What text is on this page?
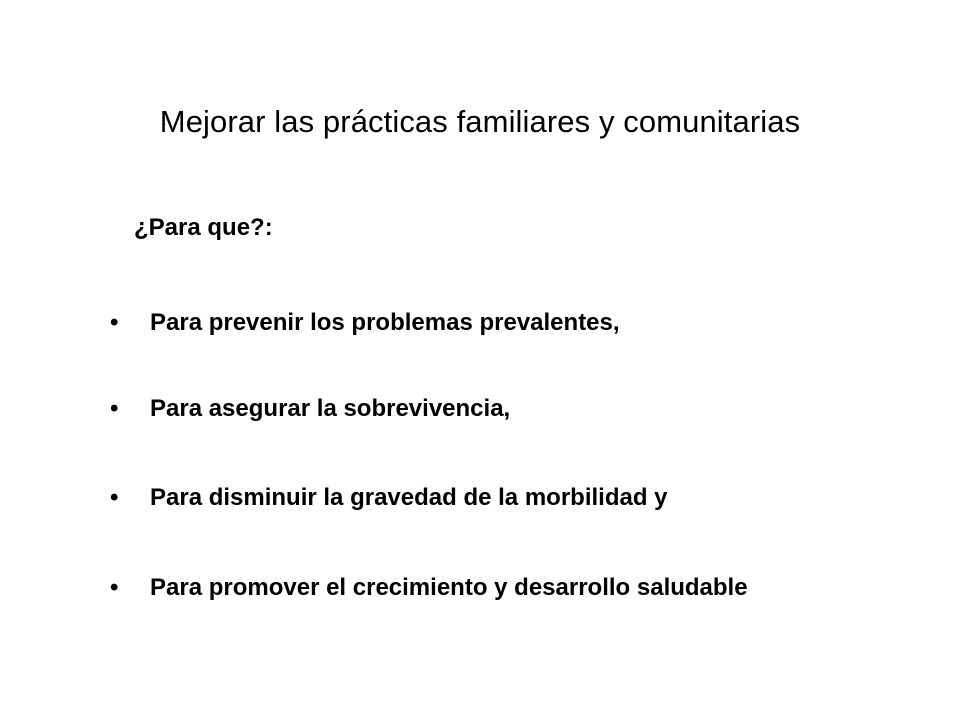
Mejorar las prácticas familiares y comunitarias

¿Para que?:

•	Para prevenir los problemas prevalentes,
•	Para asegurar la sobrevivencia,
•	Para disminuir la gravedad de la morbilidad y
•	Para promover el crecimiento y desarrollo saludable
